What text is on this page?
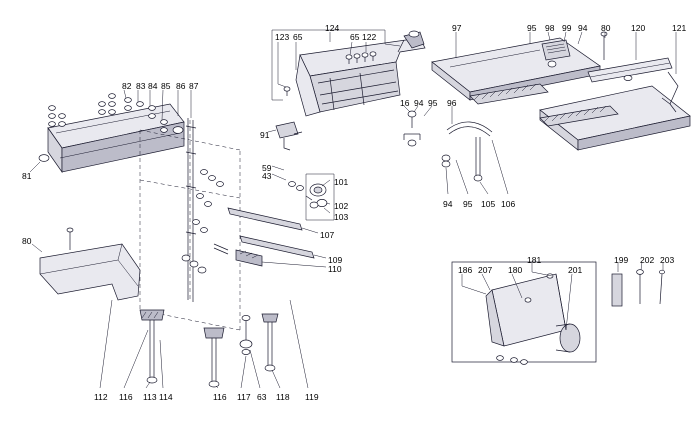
123
124
65	65 122
97	95 98 99 94 80 120	121
82 83 84 85 86 87
16 94 95 96
91
59
43
81
94 95 105 106
101
102
103
107
109
110
80
186 207 180
181
201
199 202 203
112 116 113 114	116 117 63 118 119
